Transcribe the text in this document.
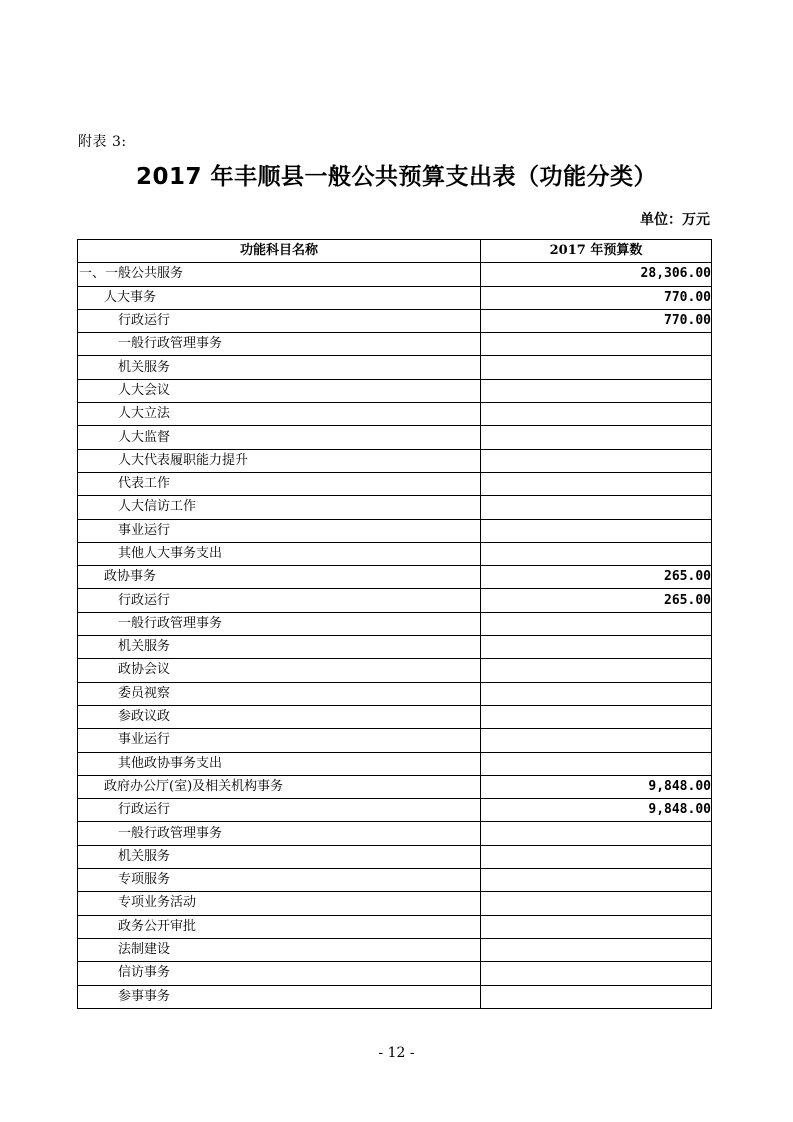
附表 3:
2017 年丰顺县一般公共预算支出表（功能分类）
单位：万元
功能科目名称	2017 年预算数
一、一般公共服务	28,306.00
人大事务	770.00
行政运行	770.00
一般行政管理事务	
机关服务	
人大会议	
人大立法	
人大监督	
人大代表履职能力提升	
代表工作	
人大信访工作	
事业运行	
其他人大事务支出	
政协事务	265.00
行政运行	265.00
一般行政管理事务	
机关服务	
政协会议	
委员视察	
参政议政	
事业运行	
其他政协事务支出	
政府办公厅(室)及相关机构事务	9,848.00
行政运行	9,848.00
一般行政管理事务	
机关服务	
专项服务	
专项业务活动	
政务公开审批	
法制建设	
信访事务	
参事事务	
- 12 -
